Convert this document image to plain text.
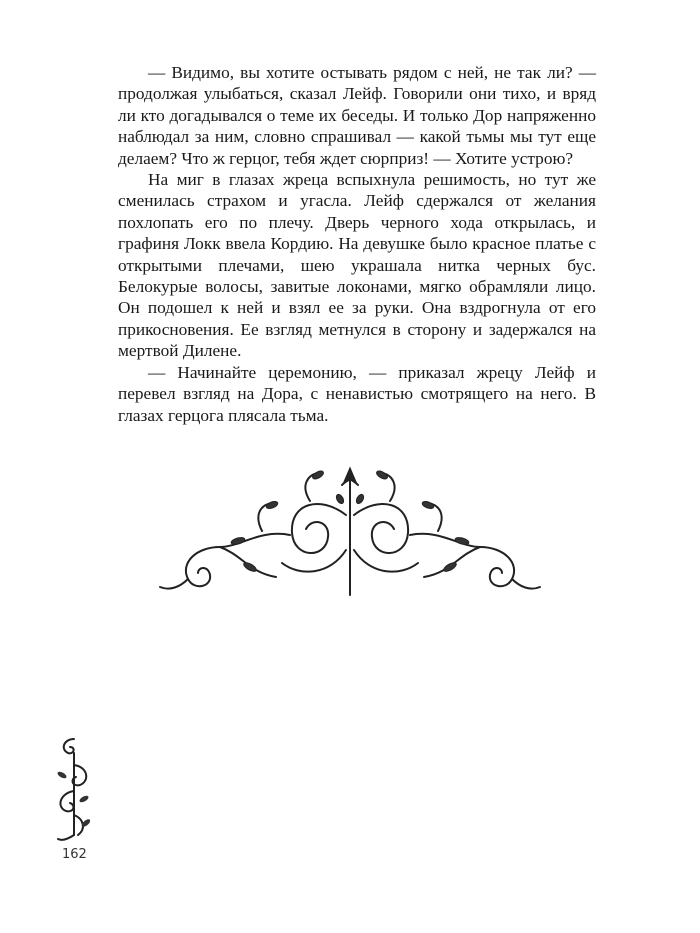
— Видимо, вы хотите остывать рядом с ней, не так ли? — продолжая улыбаться, сказал Лейф. Говорили они тихо, и вряд ли кто догадывался о теме их беседы. И только Дор напряженно наблюдал за ним, словно спрашивал — какой тьмы мы тут еще делаем? Что ж герцог, тебя ждет сюрприз! — Хотите устрою?

На миг в глазах жреца вспыхнула решимость, но тут же сменилась страхом и угасла. Лейф сдержался от желания похлопать его по плечу. Дверь черного хода открылась, и графиня Локк ввела Кордию. На девушке было красное платье с открытыми плечами, шею украшала нитка черных бус. Белокурые волосы, завитые локонами, мягко обрамляли лицо. Он подошел к ней и взял ее за руки. Она вздрогнула от его прикосновения. Ее взгляд метнулся в сторону и задержался на мертвой Дилене.

— Начинайте церемонию, — приказал жрецу Лейф и перевел взгляд на Дора, с ненавистью смотрящего на него. В глазах герцога плясала тьма.

162
